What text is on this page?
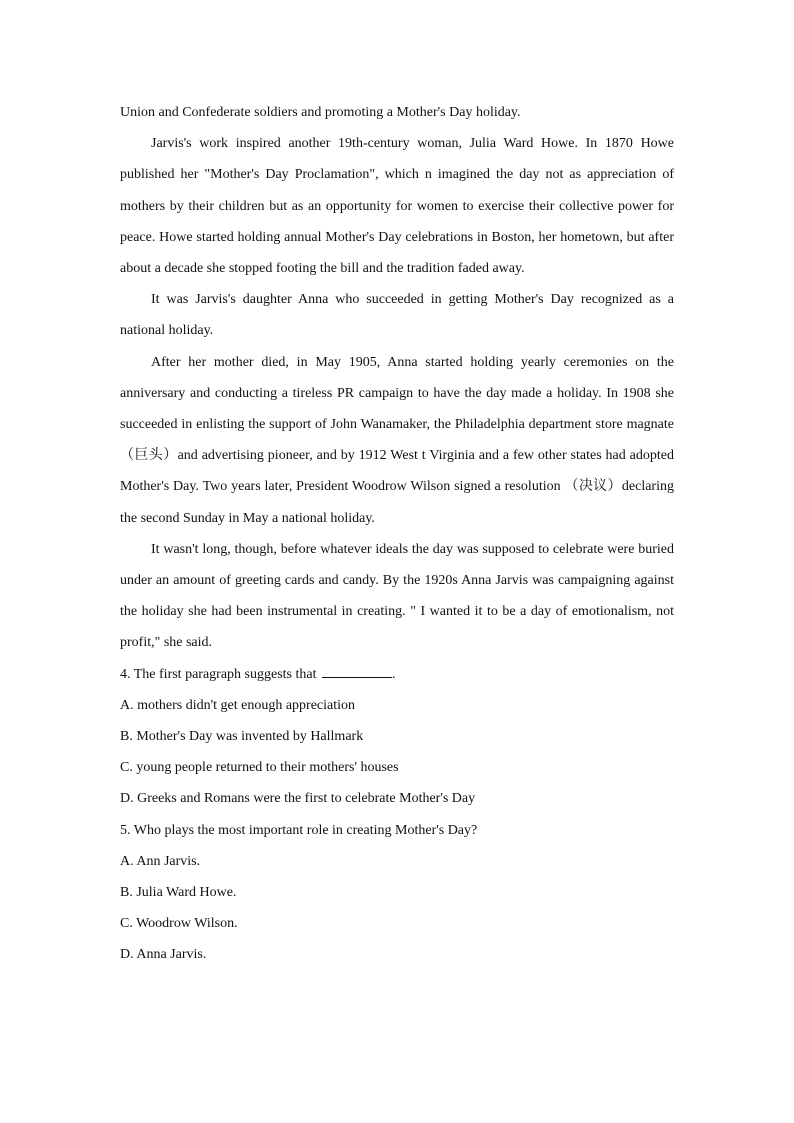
Union and Confederate soldiers and promoting a Mother's Day holiday.

Jarvis's work inspired another 19th-century woman, Julia Ward Howe. In 1870 Howe published her "Mother's Day Proclamation", which n imagined the day not as appreciation of mothers by their children but as an opportunity for women to exercise their collective power for peace. Howe started holding annual Mother's Day celebrations in Boston, her hometown, but after about a decade she stopped footing the bill and the tradition faded away.

It was Jarvis's daughter Anna who succeeded in getting Mother's Day recognized as a national holiday.

After her mother died, in May 1905, Anna started holding yearly ceremonies on the anniversary and conducting a tireless PR campaign to have the day made a holiday. In 1908 she succeeded in enlisting the support of John Wanamaker, the Philadelphia department store magnate （巨头）and advertising pioneer, and by 1912 West t Virginia and a few other states had adopted Mother's Day. Two years later, President Woodrow Wilson signed a resolution （决议）declaring the second Sunday in May a national holiday.

It wasn't long, though, before whatever ideals the day was supposed to celebrate were buried under an amount of greeting cards and candy. By the 1920s Anna Jarvis was campaigning against the holiday she had been instrumental in creating. " I wanted it to be a day of emotionalism, not profit," she said.

4. The first paragraph suggests that	.

A. mothers didn't get enough appreciation

B. Mother's Day was invented by Hallmark

C. young people returned to their mothers' houses

D. Greeks and Romans were the first to celebrate Mother's Day

5. Who plays the most important role in creating Mother's Day?

A. Ann Jarvis.

B. Julia Ward Howe.

C. Woodrow Wilson.

D. Anna Jarvis.
